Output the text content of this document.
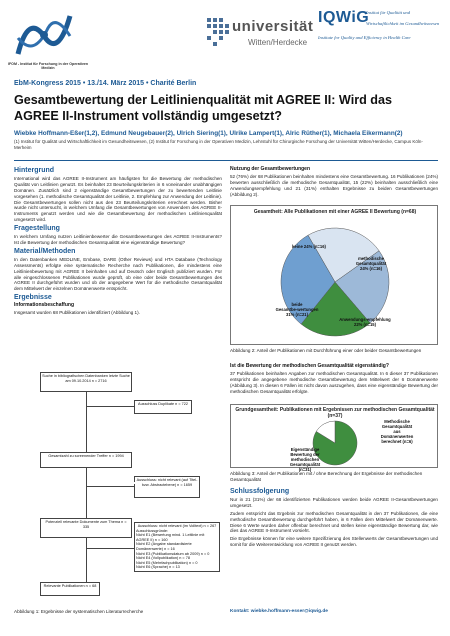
IFOM - Institut für Forschung in der Operativen Medizin
universität
Witten/Herdecke
IQWiG
Institut für Qualität und
Wirtschaftlichkeit im Gesundheitswesen
Institute for Quality and Efficiency in Health Care
EbM-Kongress 2015 • 13./14. März 2015 • Charité Berlin
Gesamtbewertung der Leitlinienqualität mit AGREE II: Wird das AGREE II-Instrument vollständig umgesetzt?
Wiebke Hoffmann-Eßer(1,2), Edmund Neugebauer(2), Ulrich Siering(1), Ulrike Lampert(1), Alric Rüther(1), Michaela Eikermann(2)
(1) Institut für Qualität und Wirtschaftlichkeit im Gesundheitswesen, (2) Institut für Forschung in der Operativen Medizin, Lehrstuhl für Chirurgische Forschung der Universität Witten/Herdecke, Campus Köln-Merheim
Hintergrund
International wird das AGREE II-Instrument am häufigsten für die Bewertung der methodischen Qualität von Leitlinien genutzt. Es beinhaltet 23 Beurteilungskriterien in 6 voneinander unabhängigen Domänen. Zusätzlich sind 2 eigenständige Gesamtbewertungen der zu bewertenden Leitlinie vorgesehen (1. methodische Gesamtqualität der Leitlinie, 2. Empfehlung zur Anwendung der Leitlinie). Die Gesamtbewertungen sollen nicht aus den 23 Beurteilungskriterien errechnet werden. Bisher wurde nicht untersucht, in welchem Umfang die Gesamtbewertungen von Anwendern des AGREE II-Instruments genutzt werden und wie die Gesamtbewertung der methodischen Leitlinienqualität umgesetzt wird.
Fragestellung
In welchem Umfang nutzen Leitlinienbewerter die Gesamtbewertungen des AGREE II-Instruments? Ist die Bewertung der methodischen Gesamtqualität eine eigenständige Bewertung?
Material/Methoden
In den Datenbanken MEDLINE, Embase, DARE (Other Reviews) und HTA Database (Technology Assessments) erfolgte eine systematische Recherche nach Publikationen, die mindestens eine Leitlinienbewertung mit AGREE II beinhalten und auf Deutsch oder Englisch publiziert wurden. Für alle eingeschlossenen Publikationen wurde geprüft, ob eine oder beide Gesamtbewertungen des AGREE II durchgeführt wurden und ob der angegebene Wert für die methodische Gesamtqualität dem Mittelwert der einzelnen Domänenwerte entspricht.
Ergebnisse
Informationsbeschaffung
Insgesamt wurden 68 Publikationen identifiziert (Abbildung 1).
Suche in bibliografischen Datenbanken letzte Suche am 09.10.2014 n = 2716
Ausschluss Duplikate n = 722
Gesamtzahl zu screenender Treffer n = 1994
Ausschluss: nicht relevant (auf Titel- bzw. Abstractebene) n = 1659
Potenziell relevante Dokumente zum Thema n = 335	Ausschluss: nicht relevant (im Volltext) n = 267
Ausschlussgründe:
Nicht E1 (Bewertung mind. 1 Leitlinie mit AGREE II) n = 160
Nicht E2 (Angabe standardisierte Domänenwerte) n = 16
Nicht E3 (Publikationsdatum ab 2009) n = 0
Nicht E4 (Vollpublikation) n = 78
Nicht E5 (Mehrfachpublikation) n = 0
Nicht E6 (Sprache) n = 13
Relevante Publikationen n = 68
Abbildung 1: Ergebnisse der systematischen Literaturrecherche
Nutzung der Gesamtbewertungen
52 (76%) der 68 Publikationen beinhalten mindestens eine Gesamtbewertung. 16 Publikationen (24%) bewerten ausschließlich die methodische Gesamtqualität, 15 (22%) beinhalten ausschließlich eine Anwendungsempfehlung und 21 (31%) enthalten Ergebnisse zu beiden Gesamtbewertungen (Abbildung 2).
Gesamtheit: Alle Publikationen mit einer AGREE II Bewertung (n=68)
keine 24% (n=16)
methodische Gesamtqualität 24% (n=16)
Anwendungs-empfehlung 22% (n=15)
beide Gesamtbe-wertungen 31% (n=21)
Abbildung 2: Anteil der Publikationen mit Durchführung einer oder beider Gesamtbewertungen
Ist die Bewertung der methodischen Gesamtqualität eigenständig?
37 Publikationen beinhalten Angaben zur methodischen Gesamtqualität. In 6 dieser 37 Publikationen entspricht die angegebene methodische Gesamtbewertung dem Mittelwert der 6 Domänenwerte (Abbildung 3). In diesen 6 Fällen ist nicht davon auszugehen, dass eine eigenständige Bewertung der methodischen Gesamtqualität erfolgte.
Grundgesamtheit: Publikationen mit Ergebnissen zur methodischen Gesamtqualität (n=37)
Eigenständige Bewertung der methodischen Gesamtqualität (n=31)
Methodische Gesamtqualität aus Domänenwerten berechnet (n=6)
Abbildung 3: Anteil der Publikationen mit / ohne Berechnung der Ergebnisse der methodischen Gesamtqualität
Schlussfolgerung
Nur in 21 (31%) der 68 identifizierten Publikationen werden beide AGREE II-Gesamtbewertungen umgesetzt.
Zudem entspricht das Ergebnis zur methodischen Gesamtqualität in den 37 Publikationen, die eine methodische Gesamtbewertung durchgeführt haben, in 6 Fällen dem Mittelwert der Domänenwerte. Diese 6 Werte wurden daher offenbar berechnet und stellen keine eigenständige Bewertung dar, wie dies das AGREE II-Instrument vorsieht.
Die Ergebnisse können für eine weitere Spezifizierung des Stellenwerts der Gesamtbewertungen und somit für die Weiterentwicklung von AGREE II genutzt werden.
Kontakt: wiebke.hoffmann-esser@iqwig.de
